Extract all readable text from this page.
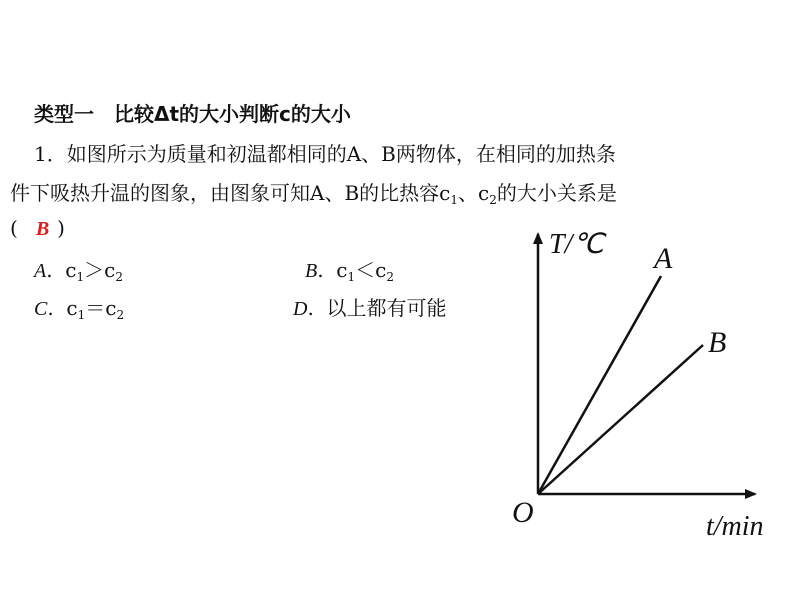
类型一　比较Δt的大小判断c的大小
1．如图所示为质量和初温都相同的A、B两物体，在相同的加热条
件下吸热升温的图象，由图象可知A、B的比热容$c_1$、$c_2$的大小关系是
( B )
A. $c_1>c_2$	B. $c_1<c_2$
C. $c_1=c_2$	D. 以上都有可能
T/℃
t/min
O
A
B
